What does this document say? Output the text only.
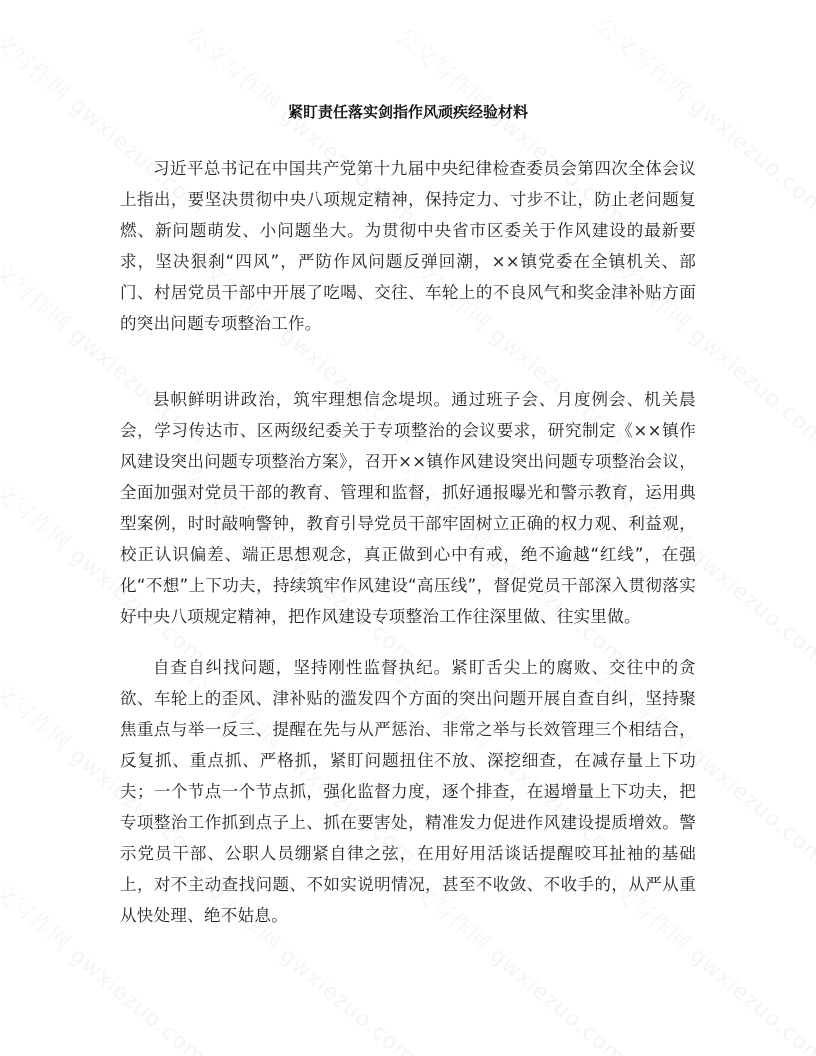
紧盯责任落实剑指作风顽疾经验材料

习近平总书记在中国共产党第十九届中央纪律检查委员会第四次全体会议上指出，要坚决贯彻中央八项规定精神，保持定力、寸步不让，防止老问题复燃、新问题萌发、小问题坐大。为贯彻中央省市区委关于作风建设的最新要求，坚决狠刹“四风”，严防作风问题反弹回潮，××镇党委在全镇机关、部门、村居党员干部中开展了吃喝、交往、车轮上的不良风气和奖金津补贴方面的突出问题专项整治工作。

县帜鲜明讲政治，筑牢理想信念堤坝。通过班子会、月度例会、机关晨会，学习传达市、区两级纪委关于专项整治的会议要求，研究制定《××镇作风建设突出问题专项整治方案》，召开××镇作风建设突出问题专项整治会议，全面加强对党员干部的教育、管理和监督，抓好通报曝光和警示教育，运用典型案例，时时敲响警钟，教育引导党员干部牢固树立正确的权力观、利益观，校正认识偏差、端正思想观念，真正做到心中有戒，绝不逾越“红线”，在强化“不想”上下功夫，持续筑牢作风建设“高压线”，督促党员干部深入贯彻落实好中央八项规定精神，把作风建设专项整治工作往深里做、往实里做。

自查自纠找问题，坚持刚性监督执纪。紧盯舌尖上的腐败、交往中的贪欲、车轮上的歪风、津补贴的滥发四个方面的突出问题开展自查自纠，坚持聚焦重点与举一反三、提醒在先与从严惩治、非常之举与长效管理三个相结合，反复抓、重点抓、严格抓，紧盯问题扭住不放、深挖细查，在减存量上下功夫；一个节点一个节点抓，强化监督力度，逐个排查，在遏增量上下功夫，把专项整治工作抓到点子上、抓在要害处，精准发力促进作风建设提质增效。警示党员干部、公职人员绷紧自律之弦，在用好用活谈话提醒咬耳扯袖的基础上，对不主动查找问题、不如实说明情况，甚至不收敛、不收手的，从严从重从快处理、绝不姑息。
